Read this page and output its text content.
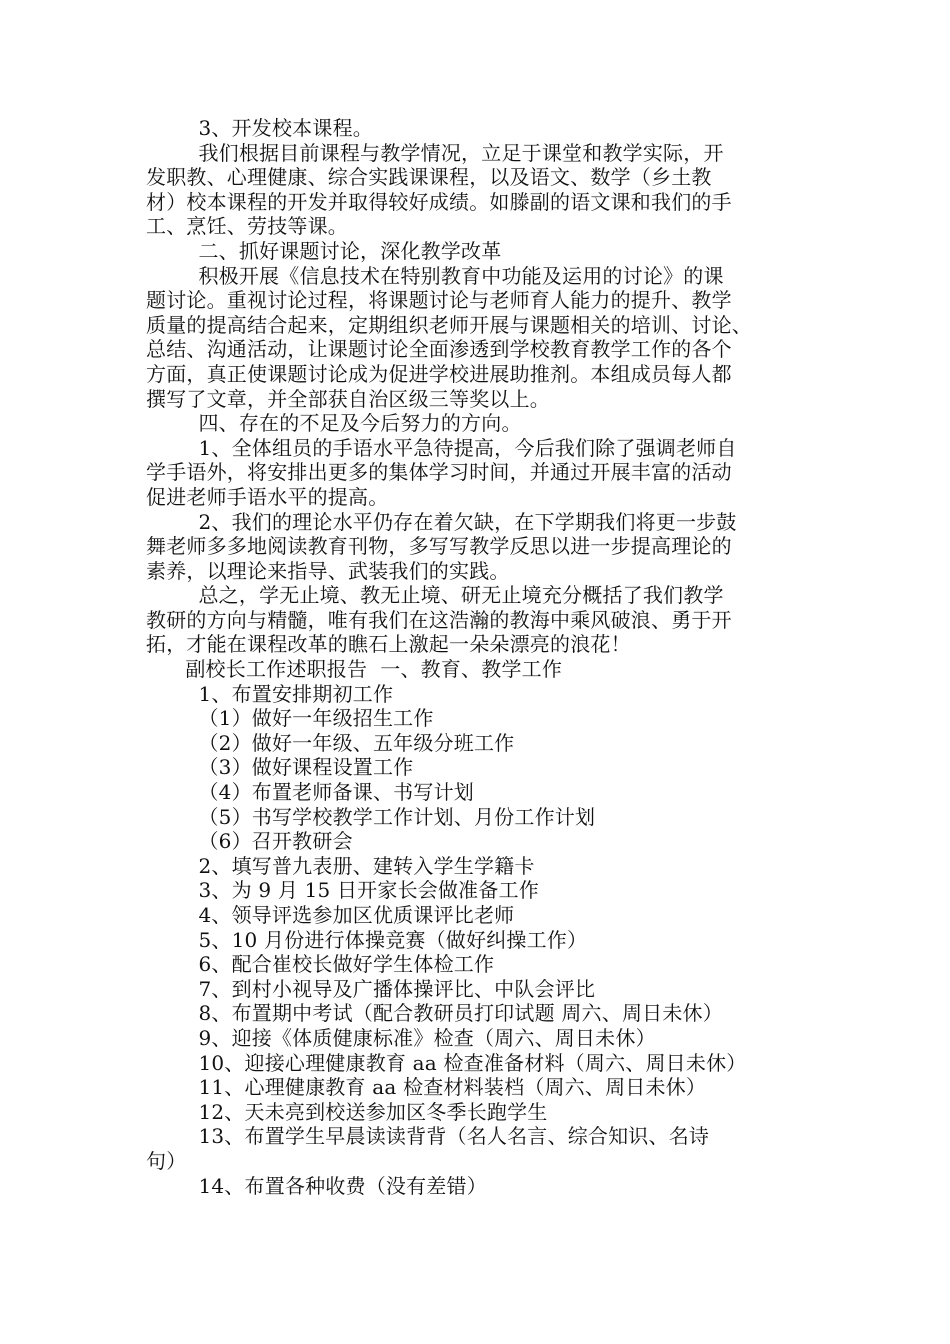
3、开发校本课程。
我们根据目前课程与教学情况，立足于课堂和教学实际，开
发职教、心理健康、综合实践课课程，以及语文、数学（乡土教
材）校本课程的开发并取得较好成绩。如滕副的语文课和我们的手
工、烹饪、劳技等课。
二、抓好课题讨论，深化教学改革
积极开展《信息技术在特别教育中功能及运用的讨论》的课
题讨论。重视讨论过程，将课题讨论与老师育人能力的提升、教学
质量的提高结合起来，定期组织老师开展与课题相关的培训、讨论、
总结、沟通活动，让课题讨论全面渗透到学校教育教学工作的各个
方面，真正使课题讨论成为促进学校进展助推剂。本组成员每人都
撰写了文章，并全部获自治区级三等奖以上。
四、存在的不足及今后努力的方向。
1、全体组员的手语水平急待提高，今后我们除了强调老师自
学手语外，将安排出更多的集体学习时间，并通过开展丰富的活动
促进老师手语水平的提高。
2、我们的理论水平仍存在着欠缺，在下学期我们将更一步鼓
舞老师多多地阅读教育刊物，多写写教学反思以进一步提高理论的
素养，以理论来指导、武装我们的实践。
总之，学无止境、教无止境、研无止境充分概括了我们教学
教研的方向与精髓，唯有我们在这浩瀚的教海中乘风破浪、勇于开
拓，才能在课程改革的瞧石上激起一朵朵漂亮的浪花！
副校长工作述职报告  一、教育、教学工作
1、布置安排期初工作
（1）做好一年级招生工作
（2）做好一年级、五年级分班工作
（3）做好课程设置工作
（4）布置老师备课、书写计划
（5）书写学校教学工作计划、月份工作计划
（6）召开教研会
2、填写普九表册、建转入学生学籍卡
3、为 9 月 15 日开家长会做准备工作
4、领导评选参加区优质课评比老师
5、10 月份进行体操竞赛（做好纠操工作）
6、配合崔校长做好学生体检工作
7、到村小视导及广播体操评比、中队会评比
8、布置期中考试（配合教研员打印试题 周六、周日未休）
9、迎接《体质健康标准》检查（周六、周日未休）
10、迎接心理健康教育 aa 检查准备材料（周六、周日未休）
11、心理健康教育 aa 检查材料装档（周六、周日未休）
12、天未亮到校送参加区冬季长跑学生
13、布置学生早晨读读背背（名人名言、综合知识、名诗
句）
14、布置各种收费（没有差错）
